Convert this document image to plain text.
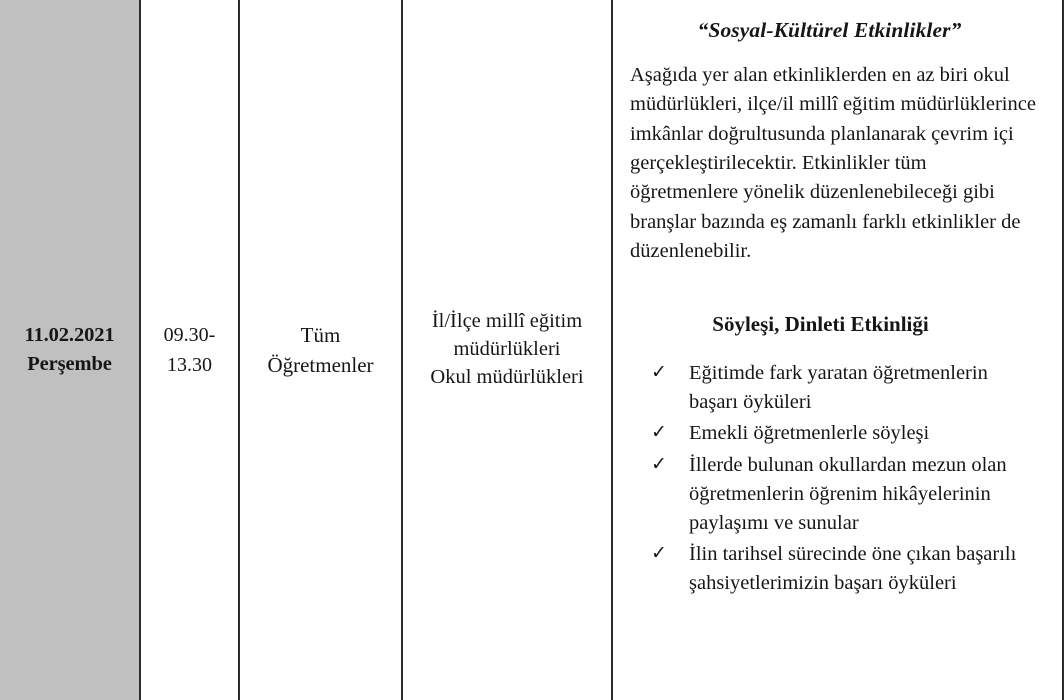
11.02.2021
Perşembe
09.30-
13.30
Tüm
Öğretmenler
İl/İlçe millî eğitim
müdürlükleri
Okul müdürlükleri
“Sosyal-Kültürel Etkinlikler”

Aşağıda yer alan etkinliklerden en az biri okul müdürlükleri, ilçe/il millî eğitim müdürlüklerince imkânlar doğrultusunda planlanarak çevrim içi gerçekleştirilecektir. Etkinlikler tüm öğretmenlere yönelik düzenlenebileceği gibi branşlar bazında eş zamanlı farklı etkinlikler de düzenlenebilir.

Söyleşi, Dinleti Etkinliği
✓ Eğitimde fark yaratan öğretmenlerin başarı öyküleri
✓ Emekli öğretmenlerle söyleşi
✓ İllerde bulunan okullardan mezun olan öğretmenlerin öğrenim hikâyelerinin paylaşımı ve sunular
✓ İlin tarihsel sürecinde öne çıkan başarılı şahsiyetlerimizin başarı öyküleri
